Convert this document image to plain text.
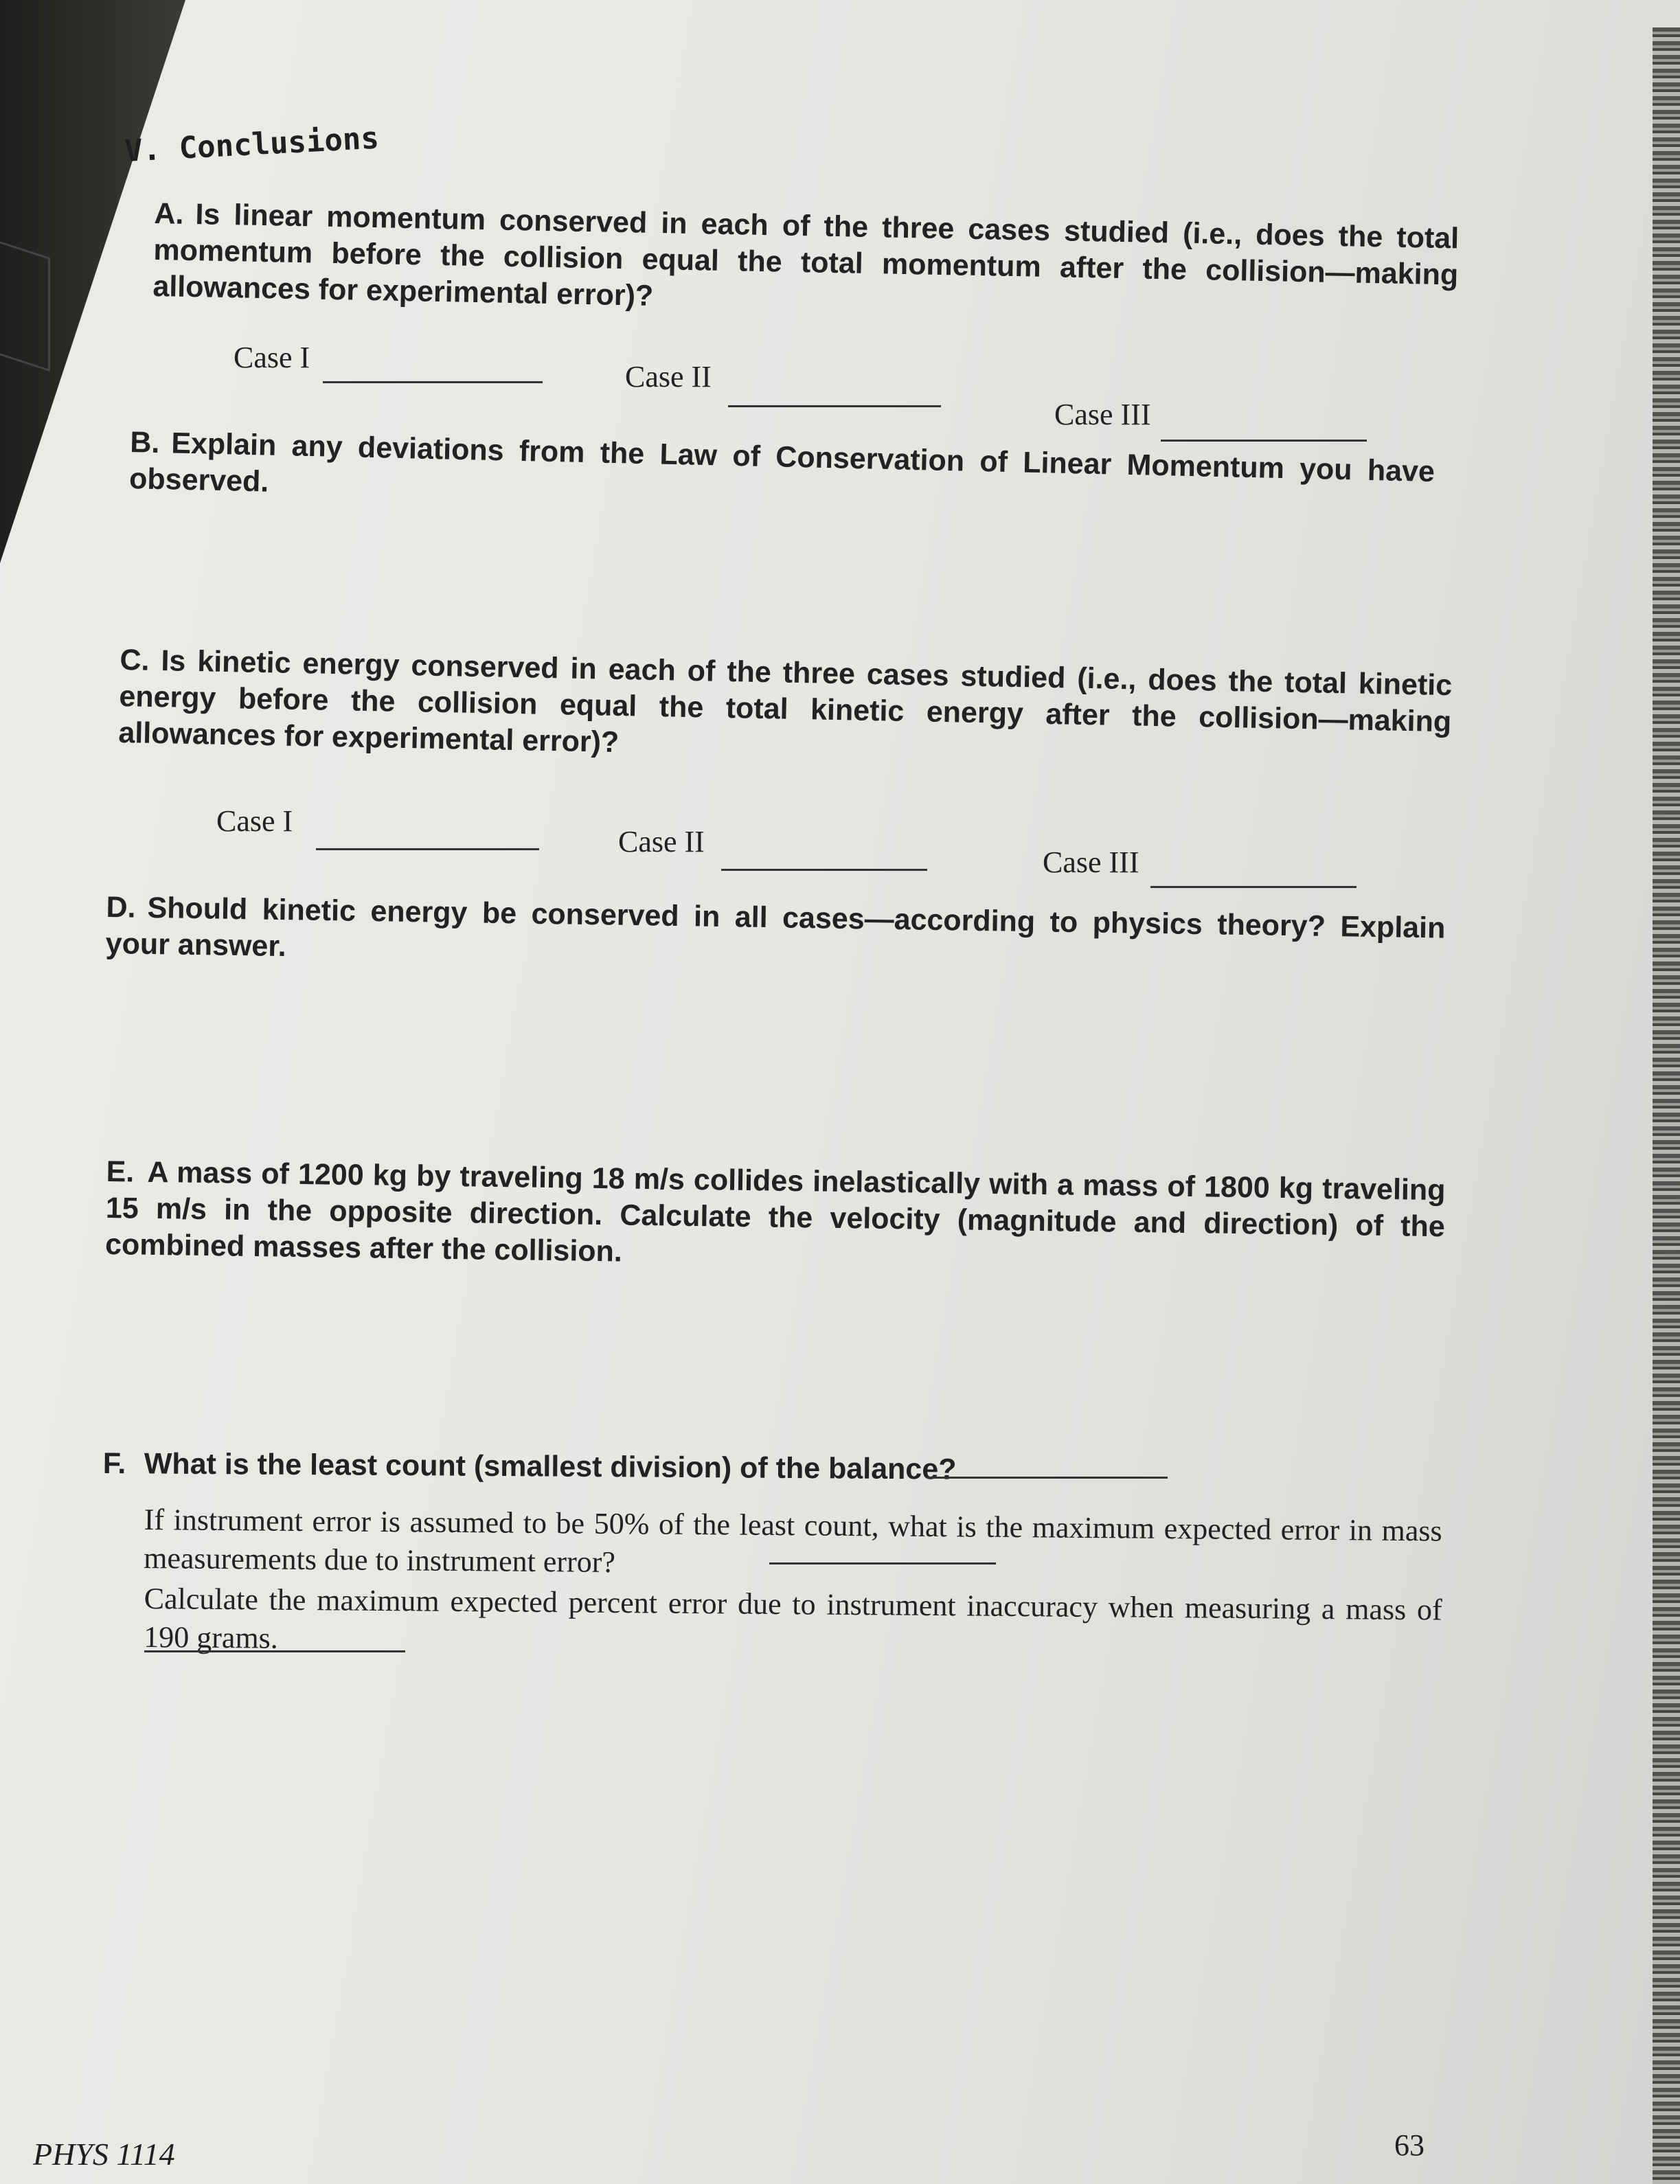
V. Conclusions
A. Is linear momentum conserved in each of the three cases studied (i.e., does the total momentum before the collision equal the total momentum after the collision—making allowances for experimental error)?
Case I
Case II
Case III
B. Explain any deviations from the Law of Conservation of Linear Momentum you have observed.
C. Is kinetic energy conserved in each of the three cases studied (i.e., does the total kinetic energy before the collision equal the total kinetic energy after the collision—making allowances for experimental error)?
Case I
Case II
Case III
D. Should kinetic energy be conserved in all cases—according to physics theory? Explain your answer.
E. A mass of 1200 kg by traveling 18 m/s collides inelastically with a mass of 1800 kg traveling 15 m/s in the opposite direction. Calculate the velocity (magnitude and direction) of the combined masses after the collision.
F. What is the least count (smallest division) of the balance?
If instrument error is assumed to be 50% of the least count, what is the maximum expected error in mass measurements due to instrument error?
Calculate the maximum expected percent error due to instrument inaccuracy when measuring a mass of 190 grams.
PHYS 1114	63
